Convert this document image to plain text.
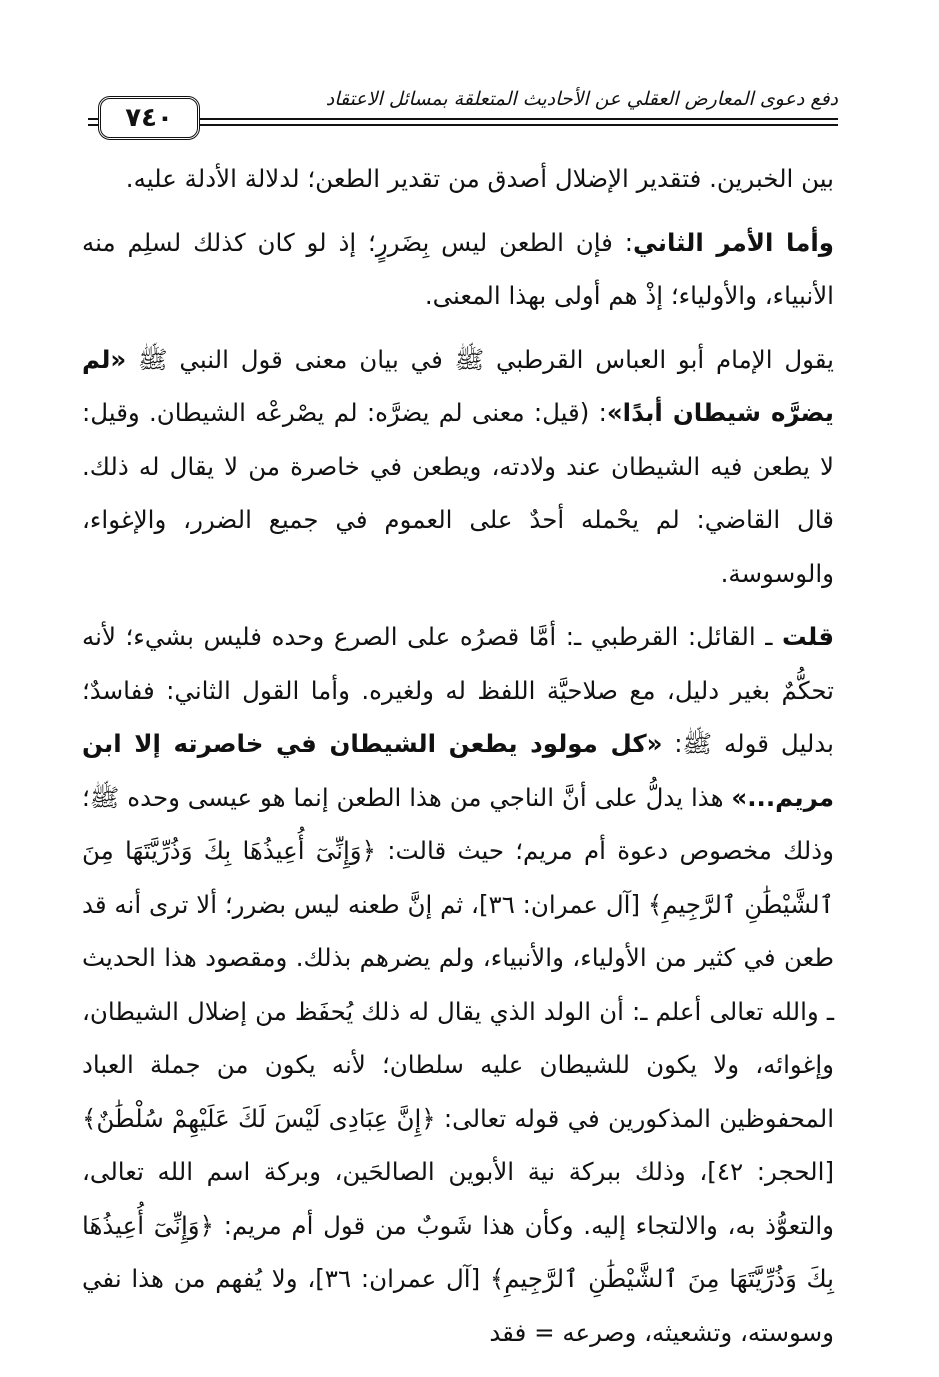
دفع دعوى المعارض العقلي عن الأحاديث المتعلقة بمسائل الاعتقاد
٧٤٠

بين الخبرين. فتقدير الإضلال أصدق من تقدير الطعن؛ لدلالة الأدلة عليه.

وأما الأمر الثاني: فإن الطعن ليس بِضَررٍ؛ إذ لو كان كذلك لسلِم منه الأنبياء، والأولياء؛ إذْ هم أولى بهذا المعنى.

يقول الإمام أبو العباس القرطبي ﷺ في بيان معنى قول النبي ﷺ «لم يضرَّه شيطان أبدًا»: (قيل: معنى لم يضرَّه: لم يصْرعْه الشيطان. وقيل: لا يطعن فيه الشيطان عند ولادته، ويطعن في خاصرة من لا يقال له ذلك. قال القاضي: لم يحْمله أحدٌ على العموم في جميع الضرر، والإغواء، والوسوسة.

قلت ـ القائل: القرطبي ـ: أمَّا قصرُه على الصرع وحده فليس بشيء؛ لأنه تحكُّمٌ بغير دليل، مع صلاحيَّة اللفظ له ولغيره. وأما القول الثاني: ففاسدٌ؛ بدليل قوله ﷺ: «كل مولود يطعن الشيطان في خاصرته إلا ابن مريم...» هذا يدلُّ على أنَّ الناجي من هذا الطعن إنما هو عيسى وحده ﷺ؛ وذلك مخصوص دعوة أم مريم؛ حيث قالت: ﴿وَإِنِّىٓ أُعِيذُهَا بِكَ وَذُرِّيَّتَهَا مِنَ ٱلشَّيْطَٰنِ ٱلرَّجِيمِ﴾ [آل عمران: ٣٦]، ثم إنَّ طعنه ليس بضرر؛ ألا ترى أنه قد طعن في كثير من الأولياء، والأنبياء، ولم يضرهم بذلك. ومقصود هذا الحديث ـ والله تعالى أعلم ـ: أن الولد الذي يقال له ذلك يُحفَظ من إضلال الشيطان، وإغوائه، ولا يكون للشيطان عليه سلطان؛ لأنه يكون من جملة العباد المحفوظين المذكورين في قوله تعالى: ﴿إِنَّ عِبَادِى لَيْسَ لَكَ عَلَيْهِمْ سُلْطَٰنٌ﴾ [الحجر: ٤٢]، وذلك ببركة نية الأبوين الصالحَين، وبركة اسم الله تعالى، والتعوُّذ به، والالتجاء إليه. وكأن هذا شَوبٌ من قول أم مريم: ﴿وَإِنِّىٓ أُعِيذُهَا بِكَ وَذُرِّيَّتَهَا مِنَ ٱلشَّيْطَٰنِ ٱلرَّجِيمِ﴾ [آل عمران: ٣٦]، ولا يُفهم من هذا نفي وسوسته، وتشعيثه، وصرعه = فقد
